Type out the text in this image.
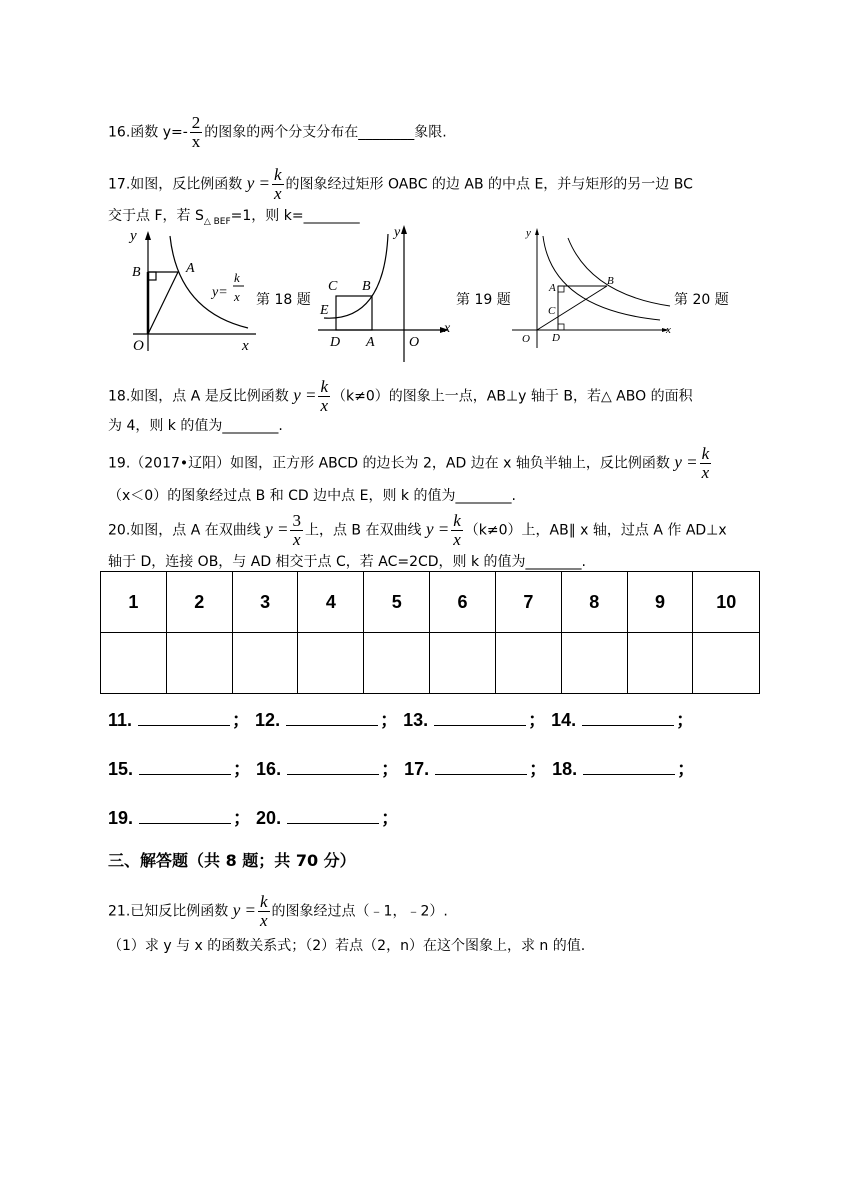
16.函数 $y=- \frac{2}{x}$ 的图象的两个分支分布在________象限.
17.如图，反比例函数 $y = \frac{k}{x}$ 的图象经过矩形 OABC 的边 AB 的中点 E，并与矩形的另一边 BC
交于点 F，若 $S_{\triangle BEF}=1$，则 k=________
y
x
O
B	A
y=
k
x 第 18 题
y
x
O
C B
E
D A
第 19 题
y
x
O
A
B
C
D
第 20 题
18.如图，点 A 是反比例函数 $y = \frac{k}{x} (k\ne 0)$的图象上一点，AB⊥y 轴于 B，若△ ABO 的面积
为 4，则 k 的值为________.
19.（2017•辽阳）如图，正方形 ABCD 的边长为 2，AD 边在 x 轴负半轴上，反比例函数 $y = \frac{k}{x}$
（x＜0）的图象经过点 B 和 CD 边中点 E，则 k 的值为________.
20.如图，点 A 在双曲线 $y = \frac{3}{x}$ 上，点 B 在双曲线 $y = \frac{k}{x} (k\ne 0)$上，AB∥ x 轴，过点 A 作 AD⊥x
轴于 D，连接 OB，与 AD 相交于点 C，若 AC=2CD，则 k 的值为________.
1	2	3	4	5	6	7	8	9	10

11.	； 12.	； 13.	； 14.	；
15.	； 16.	； 17.	； 18.	；
19.	； 20.	；
三、解答题（共 8 题；共 70 分）
21.已知反比例函数 $y = \frac{k}{x}$ 的图象经过点（﹣1，﹣2）.
（1）求 y 与 x 的函数关系式；（2）若点（2，n）在这个图象上，求 n 的值.
